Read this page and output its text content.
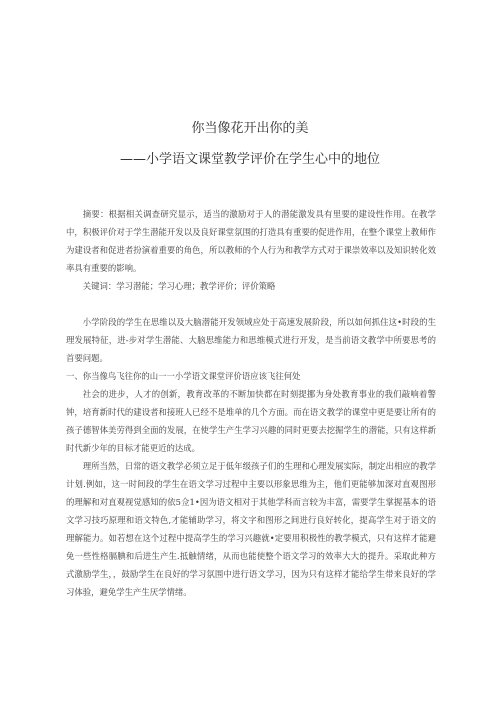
你当像花开出你的美

——小学语文课堂教学评价在学生心中的地位

摘要：根据相关调查研究显示，适当的激励对于人的潜能激发具有里要的建设性作用。在教学中，积极评价对于学生潜能开发以及良好课堂氛围的打造具有重要的促进作用，在整个课堂上教师作为建设者和促进者扮演着重要的角色，所以教师的个人行为和教学方式对于课崇效率以及知识转化效率具有重要的影响。

关键词：学习潜能；学习心理；教学评价；评价策略

小学阶段的学生在思维以及大脑潜能开发领域应处于高速发展阶段，所以如何抓住这•时段的生理发展特征，进-步对学生潜能、大脑思维能力和思维模式进行开发，是当前语文教学中所要思考的首要问题。

一、你当像鸟飞往你的山一一小学语文课堂评价语应该飞往何处

社会的进步，人才的创新，教育改革的不断加快都在时刻提挪为身处教育事业的我们敲响着警钟，培育新时代的建设者和接班人已经不是堆单的几个方面。而在语文教学的课堂中更是要让所有的孩子德智体美劳得到全面的发展，在使学生产生学习兴趣的同时更要去挖掘学生的潜能，只有这样新时代新少年的目标才能更近的达成。

理所当然，日常的语文教学必须立足于低年级孩子们的生理和心理发展实际，制定出相应的教学计划.例如，这一时间段的学生在语文学习过程中主要以形象思维为主，他们更能够加深对直观图形的理解和对直观视觉感知的依5佥1•因为语文相对于其他学科而言较为丰富，需要学生掌握基本的语文学习技巧原理和语文特色,才能辅助学习，将文字和图形之间进行良好转化，提高学生对于语文的理解能力。如若想在这个过程中提高学生的学习兴趣就•定要用积极性的教学模式，只有这样才能避免一些性格膈腆和后进生产生.抵触情绪，从而也能使整个语文学习的效率大大的提升。采取此种方式激励学生，，鼓励学生在良好的学习氛围中进行语文学习，因为只有这样才能给学生带来良好的学习体验，避免学生产生厌学情绪。
